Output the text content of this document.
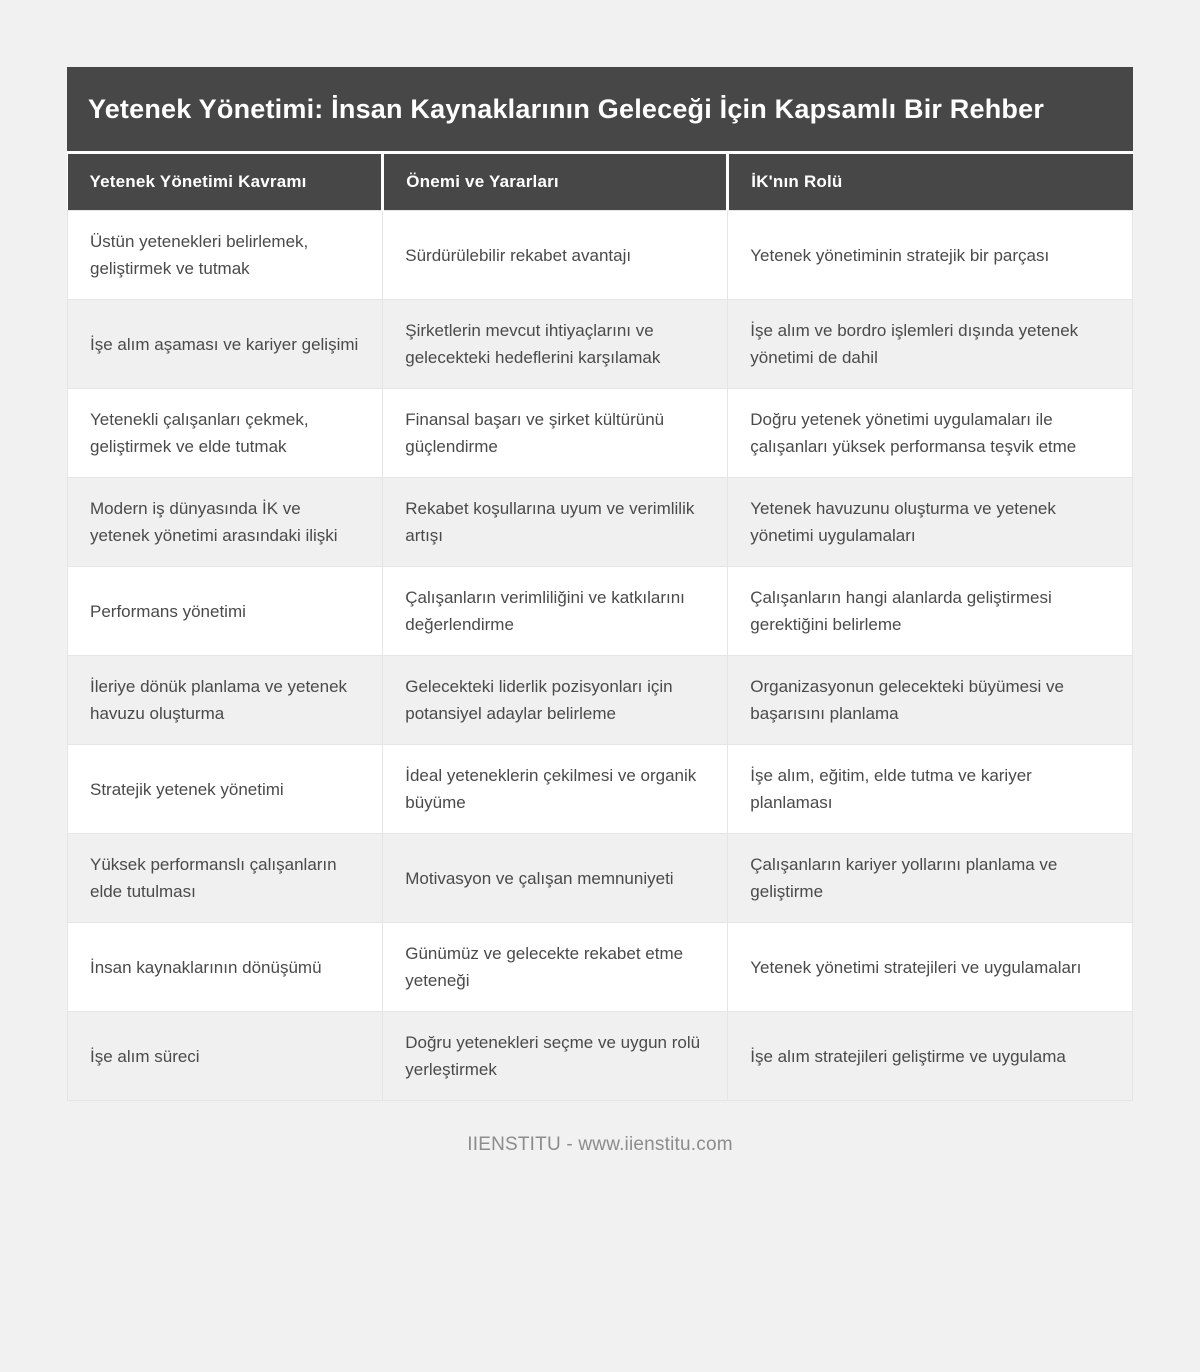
Yetenek Yönetimi: İnsan Kaynaklarının Geleceği İçin Kapsamlı Bir Rehber
Yetenek Yönetimi Kavramı	Önemi ve Yararları	İK'nın Rolü
Üstün yetenekleri belirlemek, geliştirmek ve tutmak	Sürdürülebilir rekabet avantajı	Yetenek yönetiminin stratejik bir parçası
İşe alım aşaması ve kariyer gelişimi	Şirketlerin mevcut ihtiyaçlarını ve gelecekteki hedeflerini karşılamak	İşe alım ve bordro işlemleri dışında yetenek yönetimi de dahil
Yetenekli çalışanları çekmek, geliştirmek ve elde tutmak	Finansal başarı ve şirket kültürünü güçlendirme	Doğru yetenek yönetimi uygulamaları ile çalışanları yüksek performansa teşvik etme
Modern iş dünyasında İK ve yetenek yönetimi arasındaki ilişki	Rekabet koşullarına uyum ve verimlilik artışı	Yetenek havuzunu oluşturma ve yetenek yönetimi uygulamaları
Performans yönetimi	Çalışanların verimliliğini ve katkılarını değerlendirme	Çalışanların hangi alanlarda geliştirmesi gerektiğini belirleme
İleriye dönük planlama ve yetenek havuzu oluşturma	Gelecekteki liderlik pozisyonları için potansiyel adaylar belirleme	Organizasyonun gelecekteki büyümesi ve başarısını planlama
Stratejik yetenek yönetimi	İdeal yeteneklerin çekilmesi ve organik büyüme	İşe alım, eğitim, elde tutma ve kariyer planlaması
Yüksek performanslı çalışanların elde tutulması	Motivasyon ve çalışan memnuniyeti	Çalışanların kariyer yollarını planlama ve geliştirme
İnsan kaynaklarının dönüşümü	Günümüz ve gelecekte rekabet etme yeteneği	Yetenek yönetimi stratejileri ve uygulamaları
İşe alım süreci	Doğru yetenekleri seçme ve uygun rolü yerleştirmek	İşe alım stratejileri geliştirme ve uygulama
IIENSTITU - www.iienstitu.com
